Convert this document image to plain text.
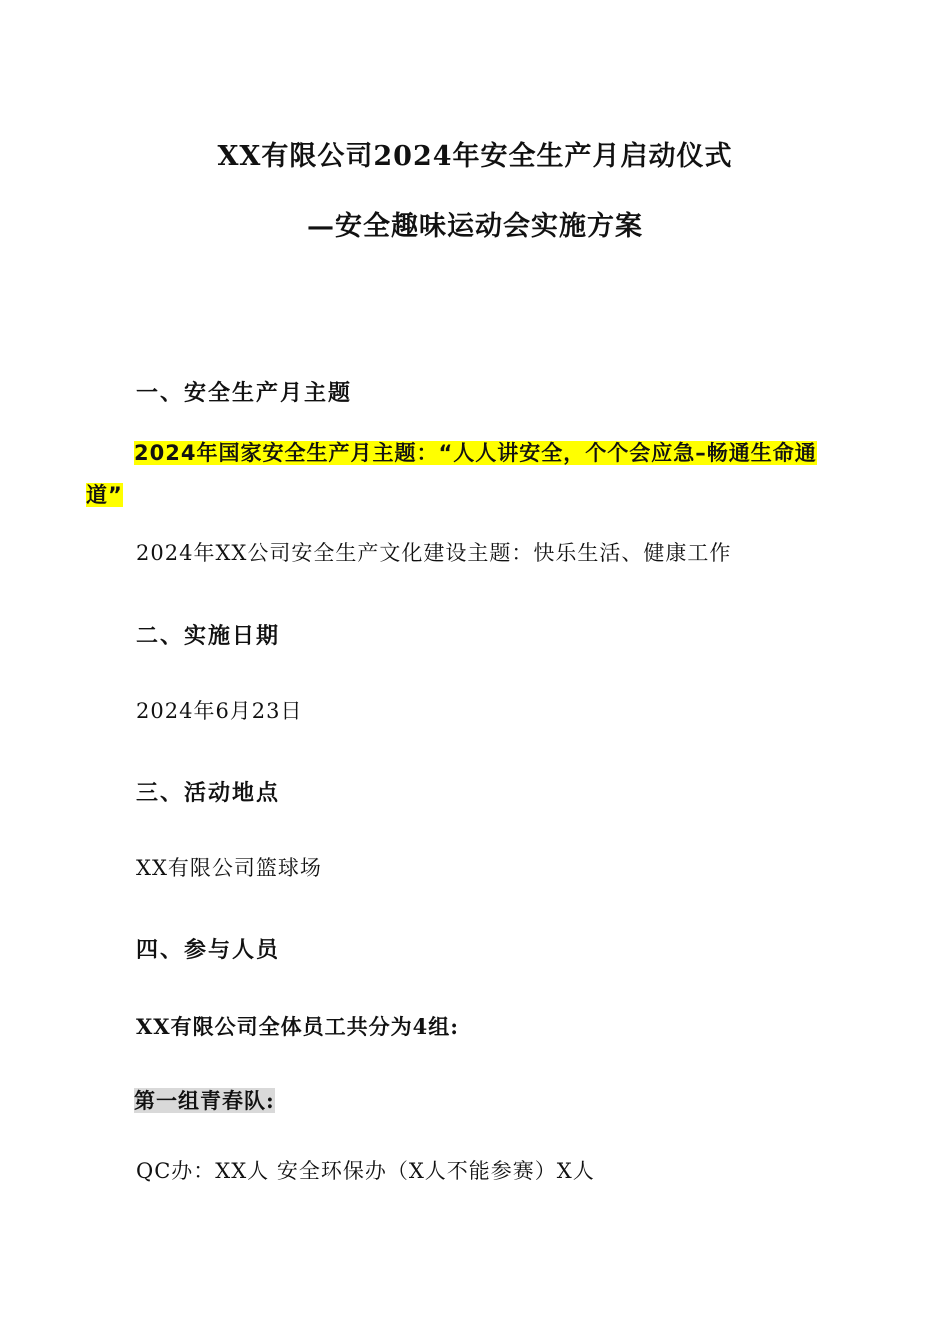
XX有限公司2024年安全生产月启动仪式
—安全趣味运动会实施方案
一、安全生产月主题
2024年国家安全生产月主题：“人人讲安全，个个会应急–畅通生命通
道”
2024年XX公司安全生产文化建设主题：快乐生活、健康工作
二、实施日期
2024年6月23日
三、活动地点
XX有限公司篮球场
四、参与人员
XX有限公司全体员工共分为4组:
第一组青春队:
QC办：XX人 安全环保办（X人不能参赛）X人
